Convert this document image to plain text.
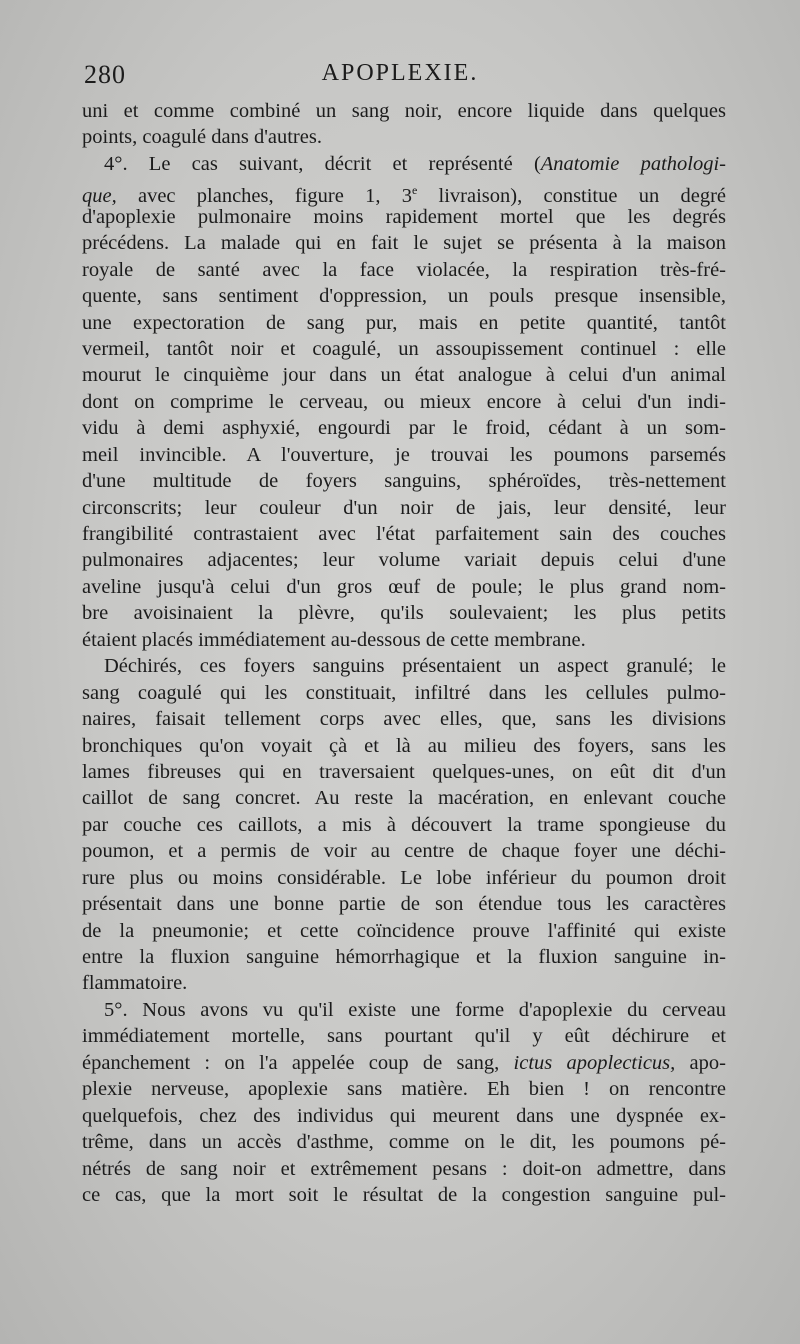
280	APOPLEXIE.
uni et comme combiné un sang noir, encore liquide dans quelques
points, coagulé dans d'autres.
4°. Le cas suivant, décrit et représenté (Anatomie pathologi-
que, avec planches, figure 1, 3e livraison), constitue un degré
d'apoplexie pulmonaire moins rapidement mortel que les degrés
précédens. La malade qui en fait le sujet se présenta à la maison
royale de santé avec la face violacée, la respiration très-fré-
quente, sans sentiment d'oppression, un pouls presque insensible,
une expectoration de sang pur, mais en petite quantité, tantôt
vermeil, tantôt noir et coagulé, un assoupissement continuel : elle
mourut le cinquième jour dans un état analogue à celui d'un animal
dont on comprime le cerveau, ou mieux encore à celui d'un indi-
vidu à demi asphyxié, engourdi par le froid, cédant à un som-
meil invincible. A l'ouverture, je trouvai les poumons parsemés
d'une multitude de foyers sanguins, sphéroïdes, très-nettement
circonscrits; leur couleur d'un noir de jais, leur densité, leur
frangibilité contrastaient avec l'état parfaitement sain des couches
pulmonaires adjacentes; leur volume variait depuis celui d'une
aveline jusqu'à celui d'un gros œuf de poule; le plus grand nom-
bre avoisinaient la plèvre, qu'ils soulevaient; les plus petits
étaient placés immédiatement au-dessous de cette membrane.
Déchirés, ces foyers sanguins présentaient un aspect granulé; le
sang coagulé qui les constituait, infiltré dans les cellules pulmo-
naires, faisait tellement corps avec elles, que, sans les divisions
bronchiques qu'on voyait çà et là au milieu des foyers, sans les
lames fibreuses qui en traversaient quelques-unes, on eût dit d'un
caillot de sang concret. Au reste la macération, en enlevant couche
par couche ces caillots, a mis à découvert la trame spongieuse du
poumon, et a permis de voir au centre de chaque foyer une déchi-
rure plus ou moins considérable. Le lobe inférieur du poumon droit
présentait dans une bonne partie de son étendue tous les caractères
de la pneumonie; et cette coïncidence prouve l'affinité qui existe
entre la fluxion sanguine hémorrhagique et la fluxion sanguine in-
flammatoire.
5°. Nous avons vu qu'il existe une forme d'apoplexie du cerveau
immédiatement mortelle, sans pourtant qu'il y eût déchirure et
épanchement : on l'a appelée coup de sang, ictus apoplecticus, apo-
plexie nerveuse, apoplexie sans matière. Eh bien ! on rencontre
quelquefois, chez des individus qui meurent dans une dyspnée ex-
trême, dans un accès d'asthme, comme on le dit, les poumons pé-
nétrés de sang noir et extrêmement pesans : doit-on admettre, dans
ce cas, que la mort soit le résultat de la congestion sanguine pul-
